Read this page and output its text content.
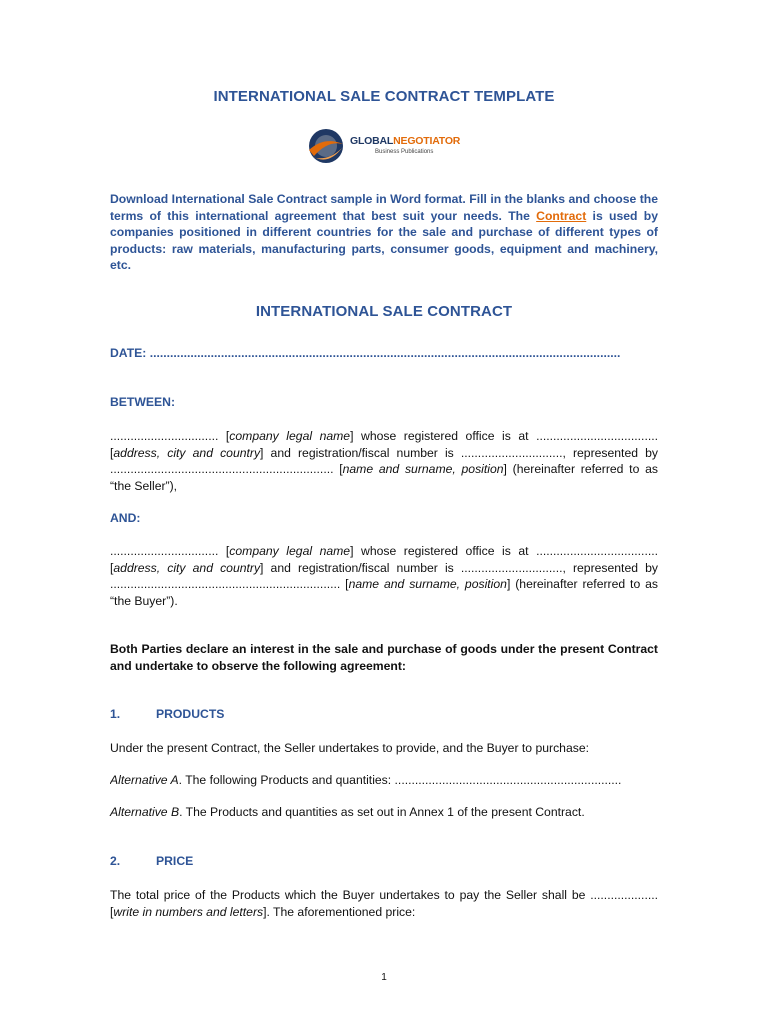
INTERNATIONAL SALE CONTRACT TEMPLATE
GLOBALNEGOTIATOR
Business Publications
Download International Sale Contract sample in Word format. Fill in the blanks and choose the terms of this international agreement that best suit your needs. The Contract is used by companies positioned in different countries for the sale and purchase of different types of products: raw materials, manufacturing parts, consumer goods, equipment and machinery, etc.
INTERNATIONAL SALE CONTRACT
DATE: ...........................................................................................................................................
BETWEEN:
................................ [company legal name] whose registered office is at .................................... [address, city and country] and registration/fiscal number is .............................., represented by .................................................................. [name and surname, position] (hereinafter referred to as “the Seller”),
AND:
................................ [company legal name] whose registered office is at .................................... [address, city and country] and registration/fiscal number is .............................., represented by .................................................................... [name and surname, position] (hereinafter referred to as “the Buyer”).
Both Parties declare an interest in the sale and purchase of goods under the present Contract and undertake to observe the following agreement:
1.	PRODUCTS
Under the present Contract, the Seller undertakes to provide, and the Buyer to purchase:
Alternative A. The following Products and quantities: ...................................................................
Alternative B. The Products and quantities as set out in Annex 1 of the present Contract.
2.	PRICE
The total price of the Products which the Buyer undertakes to pay the Seller shall be .................... [write in numbers and letters]. The aforementioned price:
1
